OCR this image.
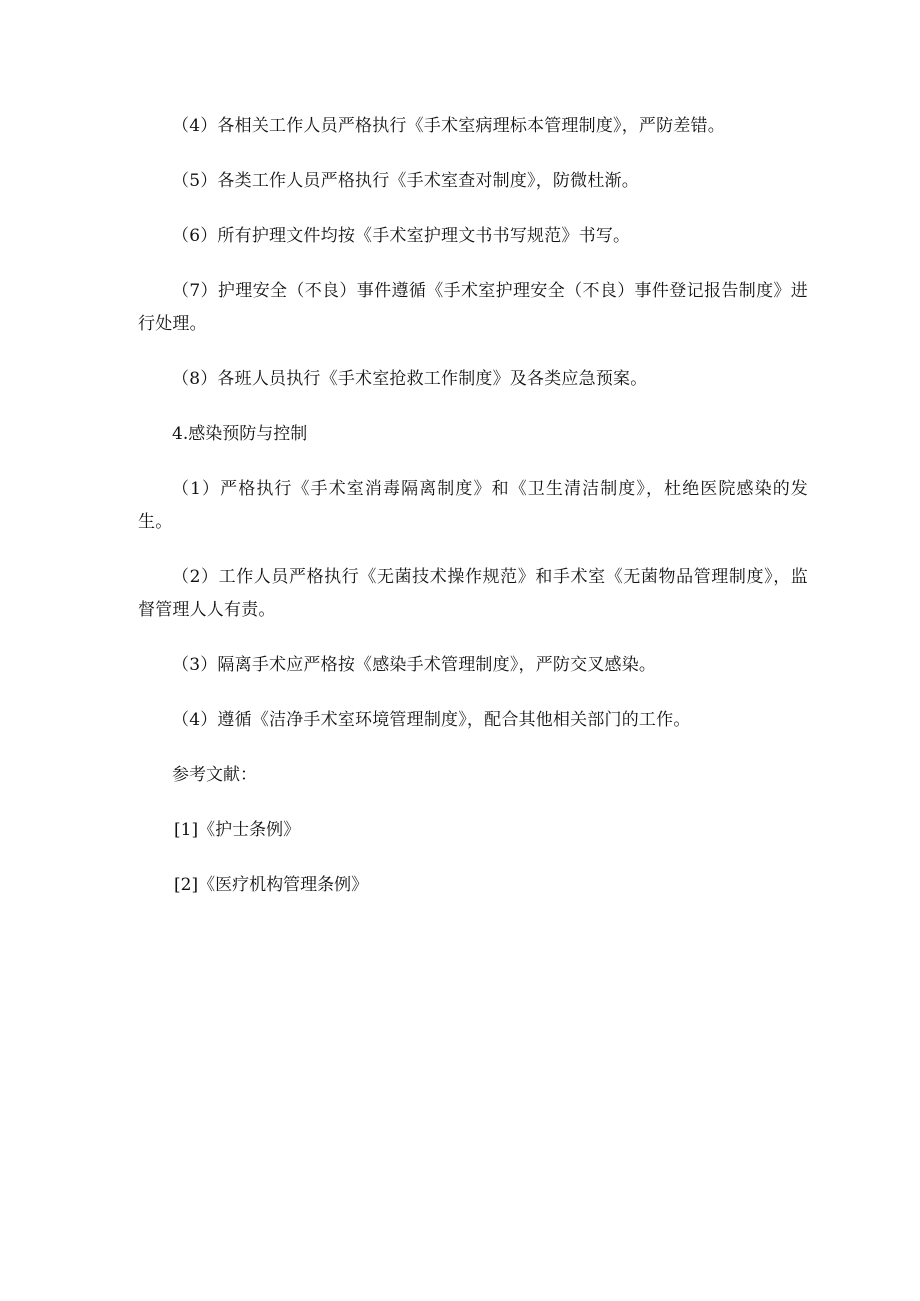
（4）各相关工作人员严格执行《手术室病理标本管理制度》，严防差错。

（5）各类工作人员严格执行《手术室查对制度》，防微杜渐。

（6）所有护理文件均按《手术室护理文书书写规范》书写。

（7）护理安全（不良）事件遵循《手术室护理安全（不良）事件登记报告制度》进行处理。

（8）各班人员执行《手术室抢救工作制度》及各类应急预案。

4.感染预防与控制

（1）严格执行《手术室消毒隔离制度》和《卫生清洁制度》，杜绝医院感染的发生。

（2）工作人员严格执行《无菌技术操作规范》和手术室《无菌物品管理制度》，监督管理人人有责。

（3）隔离手术应严格按《感染手术管理制度》，严防交叉感染。

（4）遵循《洁净手术室环境管理制度》，配合其他相关部门的工作。

参考文献：

[1]《护士条例》

[2]《医疗机构管理条例》
